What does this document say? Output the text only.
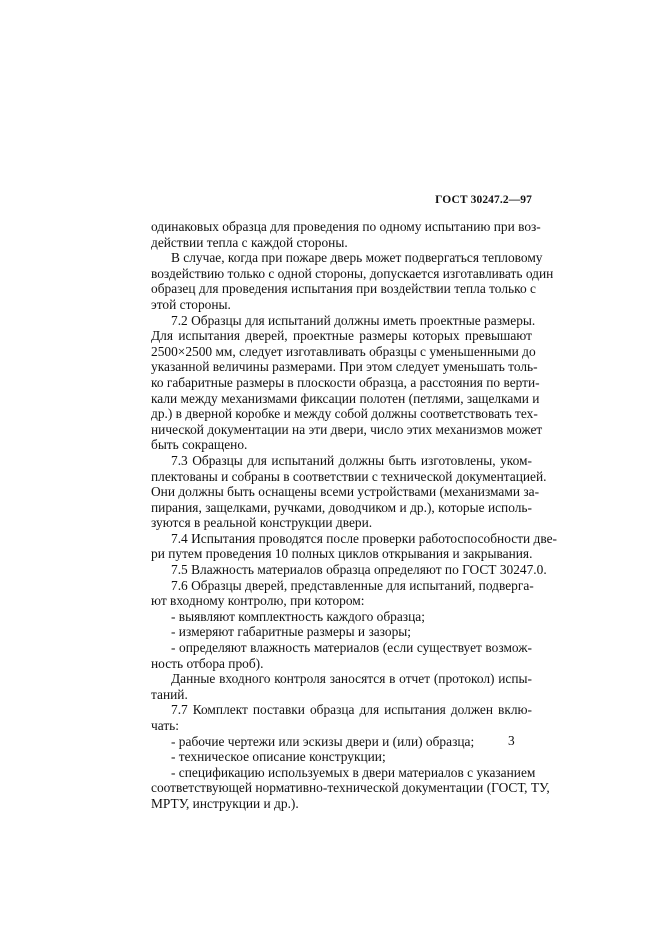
ГОСТ 30247.2—97
одинаковых образца для проведения по одному испытанию при воз-
действии тепла с каждой стороны.
В случае, когда при пожаре дверь может подвергаться тепловому
воздействию только с одной стороны, допускается изготавливать один
образец для проведения испытания при воздействии тепла только с
этой стороны.
7.2 Образцы для испытаний должны иметь проектные размеры.
Для испытания дверей, проектные размеры которых превышают
2500×2500 мм, следует изготавливать образцы с уменьшенными до
указанной величины размерами. При этом следует уменьшать толь-
ко габаритные размеры в плоскости образца, а расстояния по верти-
кали между механизмами фиксации полотен (петлями, защелками и
др.) в дверной коробке и между собой должны соответствовать тех-
нической документации на эти двери, число этих механизмов может
быть сокращено.
7.3 Образцы для испытаний должны быть изготовлены, уком-
плектованы и собраны в соответствии с технической документацией.
Они должны быть оснащены всеми устройствами (механизмами за-
пирания, защелками, ручками, доводчиком и др.), которые исполь-
зуются в реальной конструкции двери.
7.4 Испытания проводятся после проверки работоспособности две-
ри путем проведения 10 полных циклов открывания и закрывания.
7.5 Влажность материалов образца определяют по ГОСТ 30247.0.
7.6 Образцы дверей, представленные для испытаний, подверга-
ют входному контролю, при котором:
- выявляют комплектность каждого образца;
- измеряют габаритные размеры и зазоры;
- определяют влажность материалов (если существует возмож-
ность отбора проб).
Данные входного контроля заносятся в отчет (протокол) испы-
таний.
7.7 Комплект поставки образца для испытания должен вклю-
чать:
- рабочие чертежи или эскизы двери и (или) образца;
- техническое описание конструкции;
- спецификацию используемых в двери материалов с указанием
соответствующей нормативно-технической документации (ГОСТ, ТУ,
МРТУ, инструкции и др.).
3
